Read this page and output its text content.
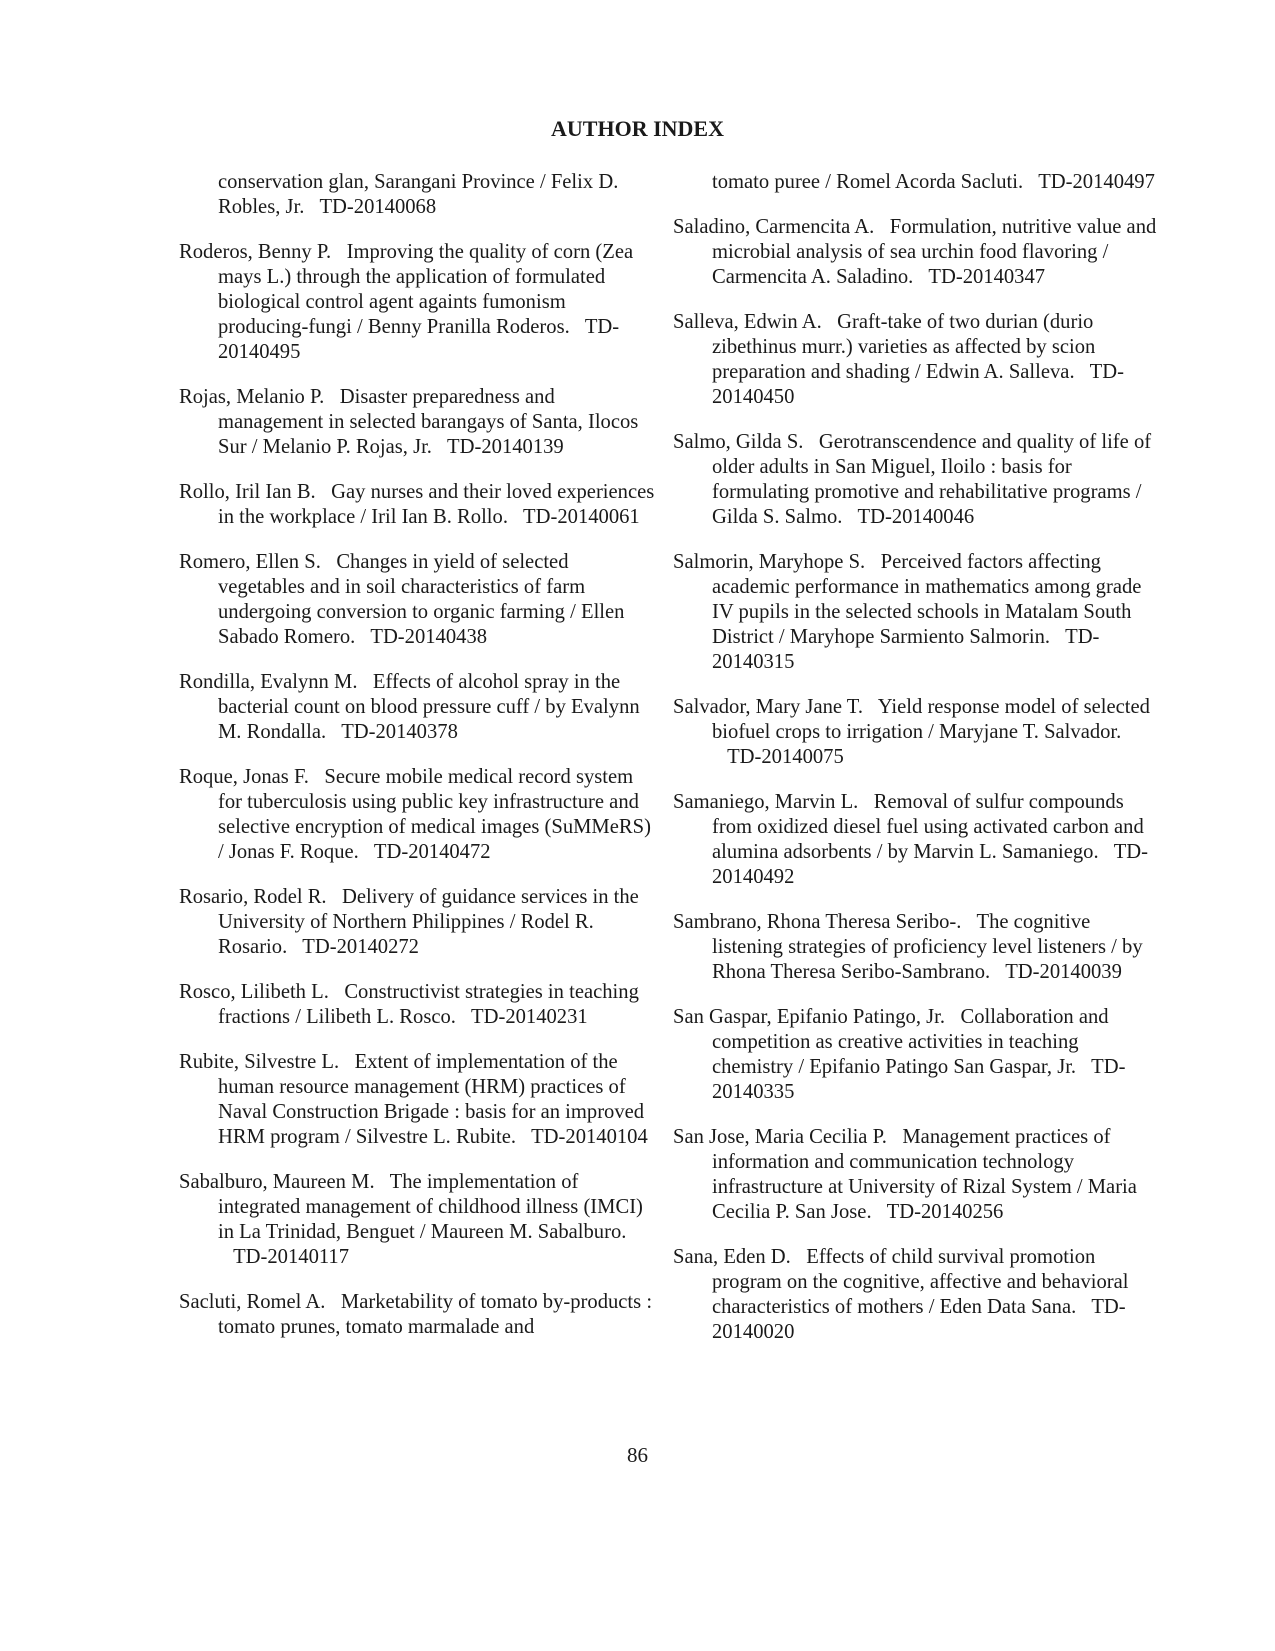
AUTHOR INDEX

conservation glan, Sarangani Province / Felix D. Robles, Jr. TD-20140068

Roderos, Benny P. Improving the quality of corn (Zea mays L.) through the application of formulated biological control agent againts fumonism producing-fungi / Benny Pranilla Roderos. TD-20140495

Rojas, Melanio P. Disaster preparedness and management in selected barangays of Santa, Ilocos Sur / Melanio P. Rojas, Jr. TD-20140139

Rollo, Iril Ian B. Gay nurses and their loved experiences in the workplace / Iril Ian B. Rollo. TD-20140061

Romero, Ellen S. Changes in yield of selected vegetables and in soil characteristics of farm undergoing conversion to organic farming / Ellen Sabado Romero. TD-20140438

Rondilla, Evalynn M. Effects of alcohol spray in the bacterial count on blood pressure cuff / by Evalynn M. Rondalla. TD-20140378

Roque, Jonas F. Secure mobile medical record system for tuberculosis using public key infrastructure and selective encryption of medical images (SuMMeRS) / Jonas F. Roque. TD-20140472

Rosario, Rodel R. Delivery of guidance services in the University of Northern Philippines / Rodel R. Rosario. TD-20140272

Rosco, Lilibeth L. Constructivist strategies in teaching fractions / Lilibeth L. Rosco. TD-20140231

Rubite, Silvestre L. Extent of implementation of the human resource management (HRM) practices of Naval Construction Brigade : basis for an improved HRM program / Silvestre L. Rubite. TD-20140104

Sabalburo, Maureen M. The implementation of integrated management of childhood illness (IMCI) in La Trinidad, Benguet / Maureen M. Sabalburo.   TD-20140117

Sacluti, Romel A. Marketability of tomato by-products : tomato prunes, tomato marmalade and

tomato puree / Romel Acorda Sacluti. TD-20140497

Saladino, Carmencita A. Formulation, nutritive value and microbial analysis of sea urchin food flavoring / Carmencita A. Saladino. TD-20140347

Salleva, Edwin A. Graft-take of two durian (durio zibethinus murr.) varieties as affected by scion preparation and shading / Edwin A. Salleva. TD-20140450

Salmo, Gilda S. Gerotranscendence and quality of life of older adults in San Miguel, Iloilo : basis for formulating promotive and rehabilitative programs / Gilda S. Salmo. TD-20140046

Salmorin, Maryhope S. Perceived factors affecting academic performance in mathematics among grade IV pupils in the selected schools in Matalam South District / Maryhope Sarmiento Salmorin. TD-20140315

Salvador, Mary Jane T. Yield response model of selected biofuel crops to irrigation / Maryjane T. Salvador.   TD-20140075

Samaniego, Marvin L. Removal of sulfur compounds from oxidized diesel fuel using activated carbon and alumina adsorbents / by Marvin L. Samaniego. TD-20140492

Sambrano, Rhona Theresa Seribo-. The cognitive listening strategies of proficiency level listeners / by Rhona Theresa Seribo-Sambrano. TD-20140039

San Gaspar, Epifanio Patingo, Jr. Collaboration and competition as creative activities in teaching chemistry / Epifanio Patingo San Gaspar, Jr. TD-20140335

San Jose, Maria Cecilia P. Management practices of information and communication technology infrastructure at University of Rizal System / Maria Cecilia P. San Jose. TD-20140256

Sana, Eden D. Effects of child survival promotion program on the cognitive, affective and behavioral characteristics of mothers / Eden Data Sana. TD-20140020

86
